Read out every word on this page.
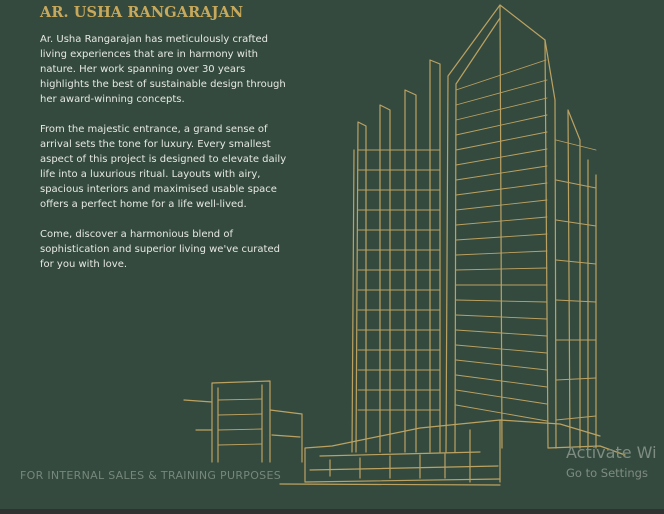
AR. USHA RANGARAJAN

Ar. Usha Rangarajan has meticulously crafted living experiences that are in harmony with nature. Her work spanning over 30 years highlights the best of sustainable design through her award-winning concepts.

From the majestic entrance, a grand sense of arrival sets the tone for luxury. Every smallest aspect of this project is designed to elevate daily life into a luxurious ritual. Layouts with airy, spacious interiors and maximised usable space offers a perfect home for a life well-lived.

Come, discover a harmonious blend of sophistication and superior living we've curated for you with love.

FOR INTERNAL SALES & TRAINING PURPOSES
Activate Wi
Go to Settings
